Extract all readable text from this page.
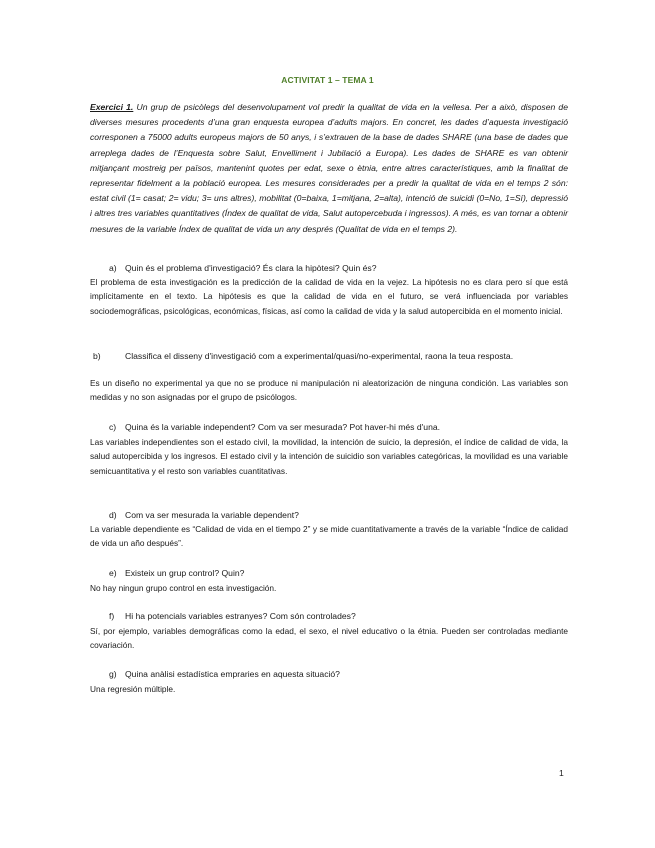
ACTIVITAT 1 – TEMA 1

Exercici 1. Un grup de psicòlegs del desenvolupament vol predir la qualitat de vida en la vellesa. Per a això, disposen de diverses mesures procedents d’una gran enquesta europea d’adults majors. En concret, les dades d’aquesta investigació corresponen a 75000 adults europeus majors de 50 anys, i s’extrauen de la base de dades SHARE (una base de dades que arreplega dades de l’Enquesta sobre Salut, Envelliment i Jubilació a Europa). Les dades de SHARE es van obtenir mitjançant mostreig per països, mantenint quotes per edat, sexe o ètnia, entre altres característiques, amb la finalitat de representar fidelment a la població europea. Les mesures considerades per a predir la qualitat de vida en el temps 2 són: estat civil (1= casat; 2= vidu; 3= uns altres), mobilitat (0=baixa, 1=mitjana, 2=alta), intenció de suicidi (0=No, 1=Sí), depressió i altres tres variables quantitatives (Índex de qualitat de vida, Salut autopercebuda i ingressos). A més, es van tornar a obtenir mesures de la variable Índex de qualitat de vida un any després (Qualitat de vida en el temps 2).

a) Quin és el problema d'investigació? És clara la hipòtesi? Quin és?

El problema de esta investigación es la predicción de la calidad de vida en la vejez. La hipótesis no es clara pero sí que está implícitamente en el texto. La hipótesis es que la calidad de vida en el futuro, se verá influenciada por variables sociodemográficas, psicológicas, económicas, físicas, así como la calidad de vida y la salud autopercibida en el momento inicial.

b)	Classifica el disseny d'investigació com a experimental/quasi/no-experimental, raona la teua resposta.

Es un diseño no experimental ya que no se produce ni manipulación ni aleatorización de ninguna condición. Las variables son medidas y no son asignadas por el grupo de psicólogos.

c) Quina és la variable independent? Com va ser mesurada? Pot haver-hi més d'una.

Las variables independientes son el estado civil, la movilidad, la intención de suicio, la depresión, el índice de calidad de vida, la salud autopercibida y los ingresos. El estado civil y la intención de suicidio son variables categóricas, la movilidad es una variable semicuantitativa y el resto son variables cuantitativas.

d) Com va ser mesurada la variable dependent?

La variable dependiente es “Calidad de vida en el tiempo 2” y se mide cuantitativamente a través de la variable “Índice de calidad de vida un año después”.

e) Existeix un grup control? Quin?

No hay ningun grupo control en esta investigación.

f) Hi ha potencials variables estranyes? Com són controlades?

Sí, por ejemplo, variables demográficas como la edad, el sexo, el nivel educativo o la étnia. Pueden ser controladas mediante covariación.

g) Quina anàlisi estadística empraries en aquesta situació?

Una regresión múltiple.

1
